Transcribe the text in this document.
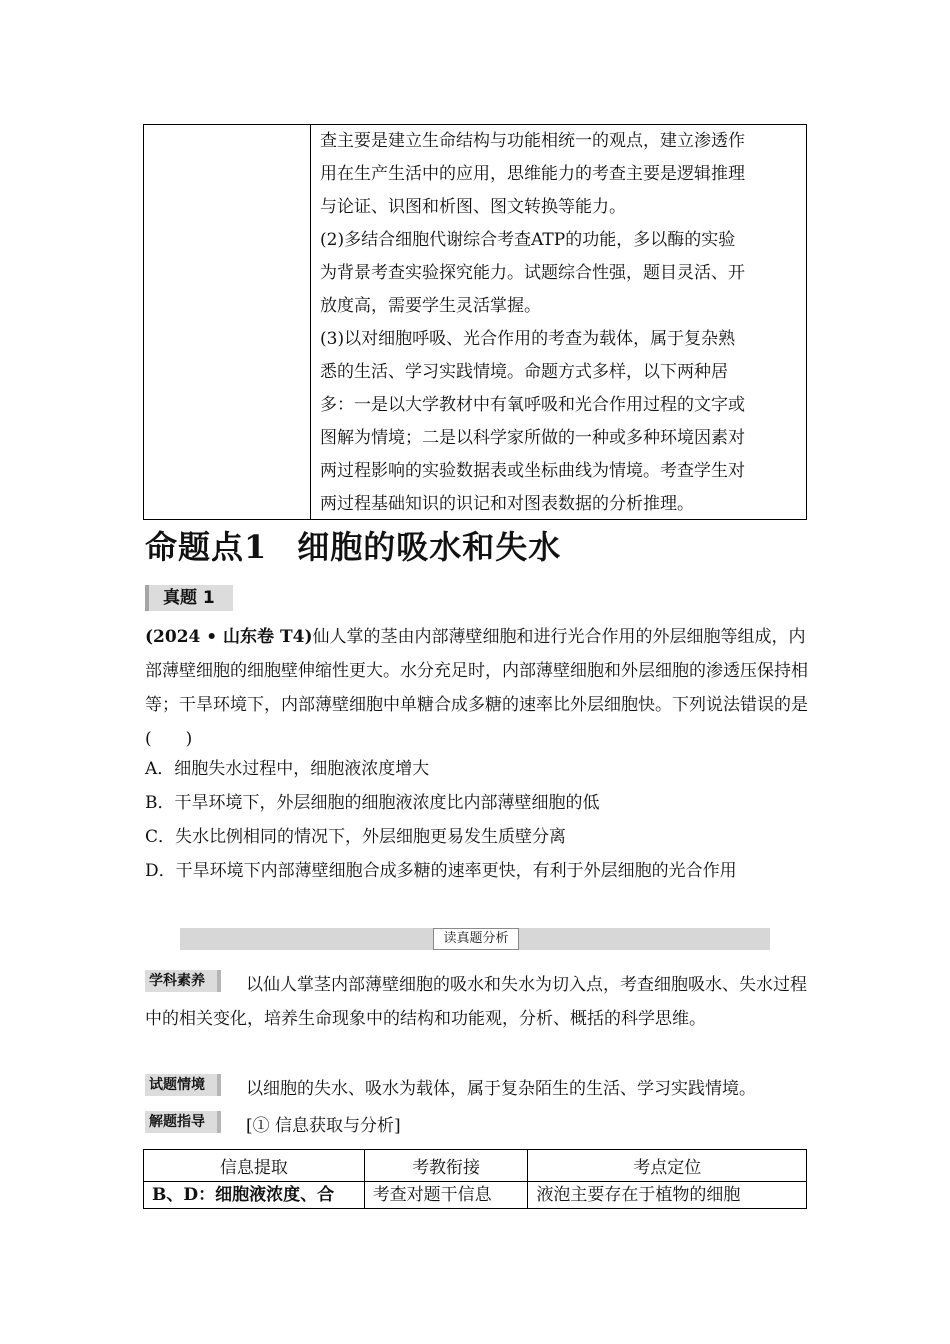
查主要是建立生命结构与功能相统一的观点，建立渗透作

用在生产生活中的应用，思维能力的考查主要是逻辑推理

与论证、识图和析图、图文转换等能力。

(2)多结合细胞代谢综合考查ATP的功能，多以酶的实验

为背景考查实验探究能力。试题综合性强，题目灵活、开

放度高，需要学生灵活掌握。

(3)以对细胞呼吸、光合作用的考查为载体，属于复杂熟

悉的生活、学习实践情境。命题方式多样，以下两种居

多：一是以大学教材中有氧呼吸和光合作用过程的文字或

图解为情境；二是以科学家所做的一种或多种环境因素对

两过程影响的实验数据表或坐标曲线为情境。考查学生对

两过程基础知识的识记和对图表数据的分析推理。

命题点1 细胞的吸水和失水
真题 1

(2024 • 山东卷 T4)仙人掌的茎由内部薄壁细胞和进行光合作用的外层细胞等组成，内部薄壁细胞的细胞壁伸缩性更大。水分充足时，内部薄壁细胞和外层细胞的渗透压保持相等；干旱环境下，内部薄壁细胞中单糖合成多糖的速率比外层细胞快。下列说法错误的是(　　)

A．细胞失水过程中，细胞液浓度增大

B．干旱环境下，外层细胞的细胞液浓度比内部薄壁细胞的低

C．失水比例相同的情况下，外层细胞更易发生质壁分离

D．干旱环境下内部薄壁细胞合成多糖的速率更快，有利于外层细胞的光合作用

读真题分析
学科素养	以仙人掌茎内部薄壁细胞的吸水和失水为切入点，考查细胞吸水、失水过程中的相关变化，培养生命现象中的结构和功能观，分析、概括的科学思维。

试题情境	以细胞的失水、吸水为载体，属于复杂陌生的生活、学习实践情境。

解题指导	[① 信息获取与分析]

信息提取	考教衔接	考点定位
B、D：细胞液浓度、合	考查对题干信息	液泡主要存在于植物的细胞
